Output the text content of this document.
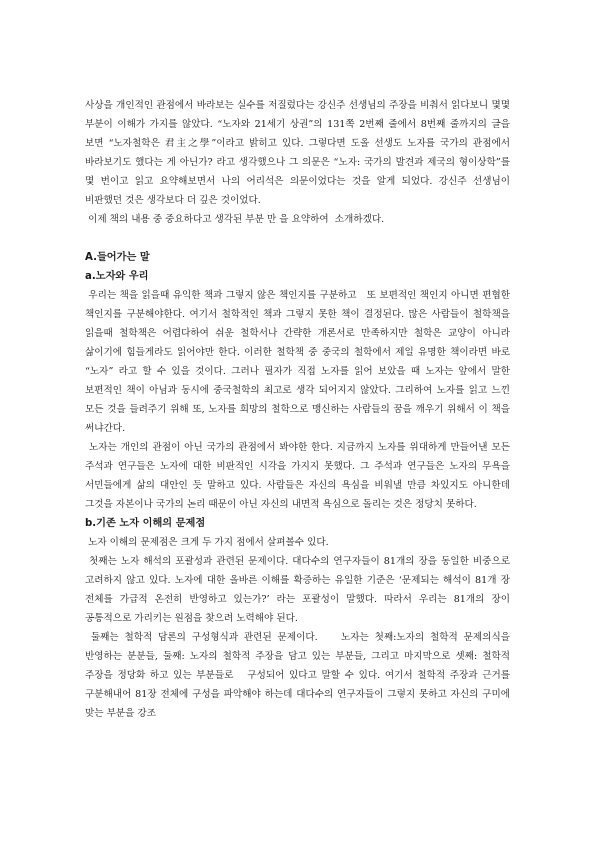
사상을 개인적인 관점에서 바라보는 실수를 저질렀다는 강신주 선생님의 주장을 비춰서 읽다보니 몇몇 부분이 이해가 가지를 않았다. “노자와 21세기 상권”의 131쪽 2번째 줄에서 8번째 줄까지의 글을 보면 “노자철학은 君主之學”이라고 밝히고 있다. 그렇다면 도올 선생도 노자를 국가의 관점에서 바라보기도 했다는 게 아닌가? 라고 생각했으나 그 의문은 “노자: 국가의 발견과 제국의 형이상학”를 몇 번이고 읽고 요약해보면서 나의 어리석은 의문이었다는 것을 알게 되었다. 강신주 선생님이 비판했던 것은 생각보다 더 깊은 것이었다.

이제 책의 내용 중 중요하다고 생각된 부분 만 을 요약하여  소개하겠다.

A.들어가는 말

a.노자와 우리

우리는 책을 읽을때 유익한 책과 그렇지 않은 책인지를 구분하고   또 보편적인 책인지 아니면 편협한 책인지를 구분해야한다. 여기서 철학적인 책과 그렇지 못한 책이 결정된다. 많은 사람들이 철학책을 읽을때 철학책은 어렵다하여 쉬운 철학서나 간략한 개론서로 만족하지만 철학은 교양이 아니라 삶이기에 힘들게라도 읽어야만 한다. 이러한 철학책 중 중국의 철학에서 제일 유명한 책이라면 바로 “노자” 라고 할 수 있을 것이다. 그러나 필자가 직접 노자를 읽어 보았을 때 노자는 앞에서 말한 보편적인 책이 아님과 동시에 중국철학의 최고로 생각 되어지지 않았다. 그리하여 노자를 읽고 느낀 모든 것을 들려주기 위해 또, 노자를 희망의 철학으로 맹신하는 사람들의 꿈을 깨우기 위해서 이 책을 써냐간다.

노자는 개인의 관점이 아닌 국가의 관점에서 봐야한 한다. 지금까지 노자를 위대하게 만들어낸 모든 주석과 연구들은 노자에 대한 비판적인 시각을 가지지 못했다. 그 주석과 연구들은 노자의 무욕을 서민들에게 삶의 대안인 듯 말하고 있다. 사람들은 자신의 욕심을 비워낼 만큼 차있지도 아니한데 그것을 자본이나 국가의 논리 때문이 아닌 자신의 내면적 욕심으로 돌리는 것은 정당치 못하다.

b.기존 노자 이해의 문제점

노자 이해의 문제점은 크게 두 가지 점에서 살펴볼수 있다.

첫째는 노자 해석의 포괄성과 관련된 문제이다. 대다수의 연구자들이 81개의 장을 동일한 비중으로 고려하지 않고 있다. 노자에 대한 올바른 이해를 확증하는 유일한 기준은 ‘문제되는 해석이 81개 장 전체를 가급적 온전히 반영하고 있는가?’ 라는 포괄성이 말했다. 따라서 우리는 81개의 장이 공통적으로 가리키는 원점을 찾으려 노력해야 된다.

둘째는 철학적 담론의 구성형식과 관련된 문제이다.    노자는 첫째:노자의 철학적 문제의식을 반영하는 분분들, 둘째: 노자의 철학적 주장을 담고 있는 부분들, 그리고 마지막으로 셋째: 철학적 주장을 정당화 하고 있는 부분들로   구성되어 있다고 말할 수 있다. 여기서 철학적 주장과 근거를 구분해내어 81장 전체에 구성을 파악해야 하는데 대다수의 연구자들이 그렇지 못하고 자신의 구미에 맞는 부분을 강조
